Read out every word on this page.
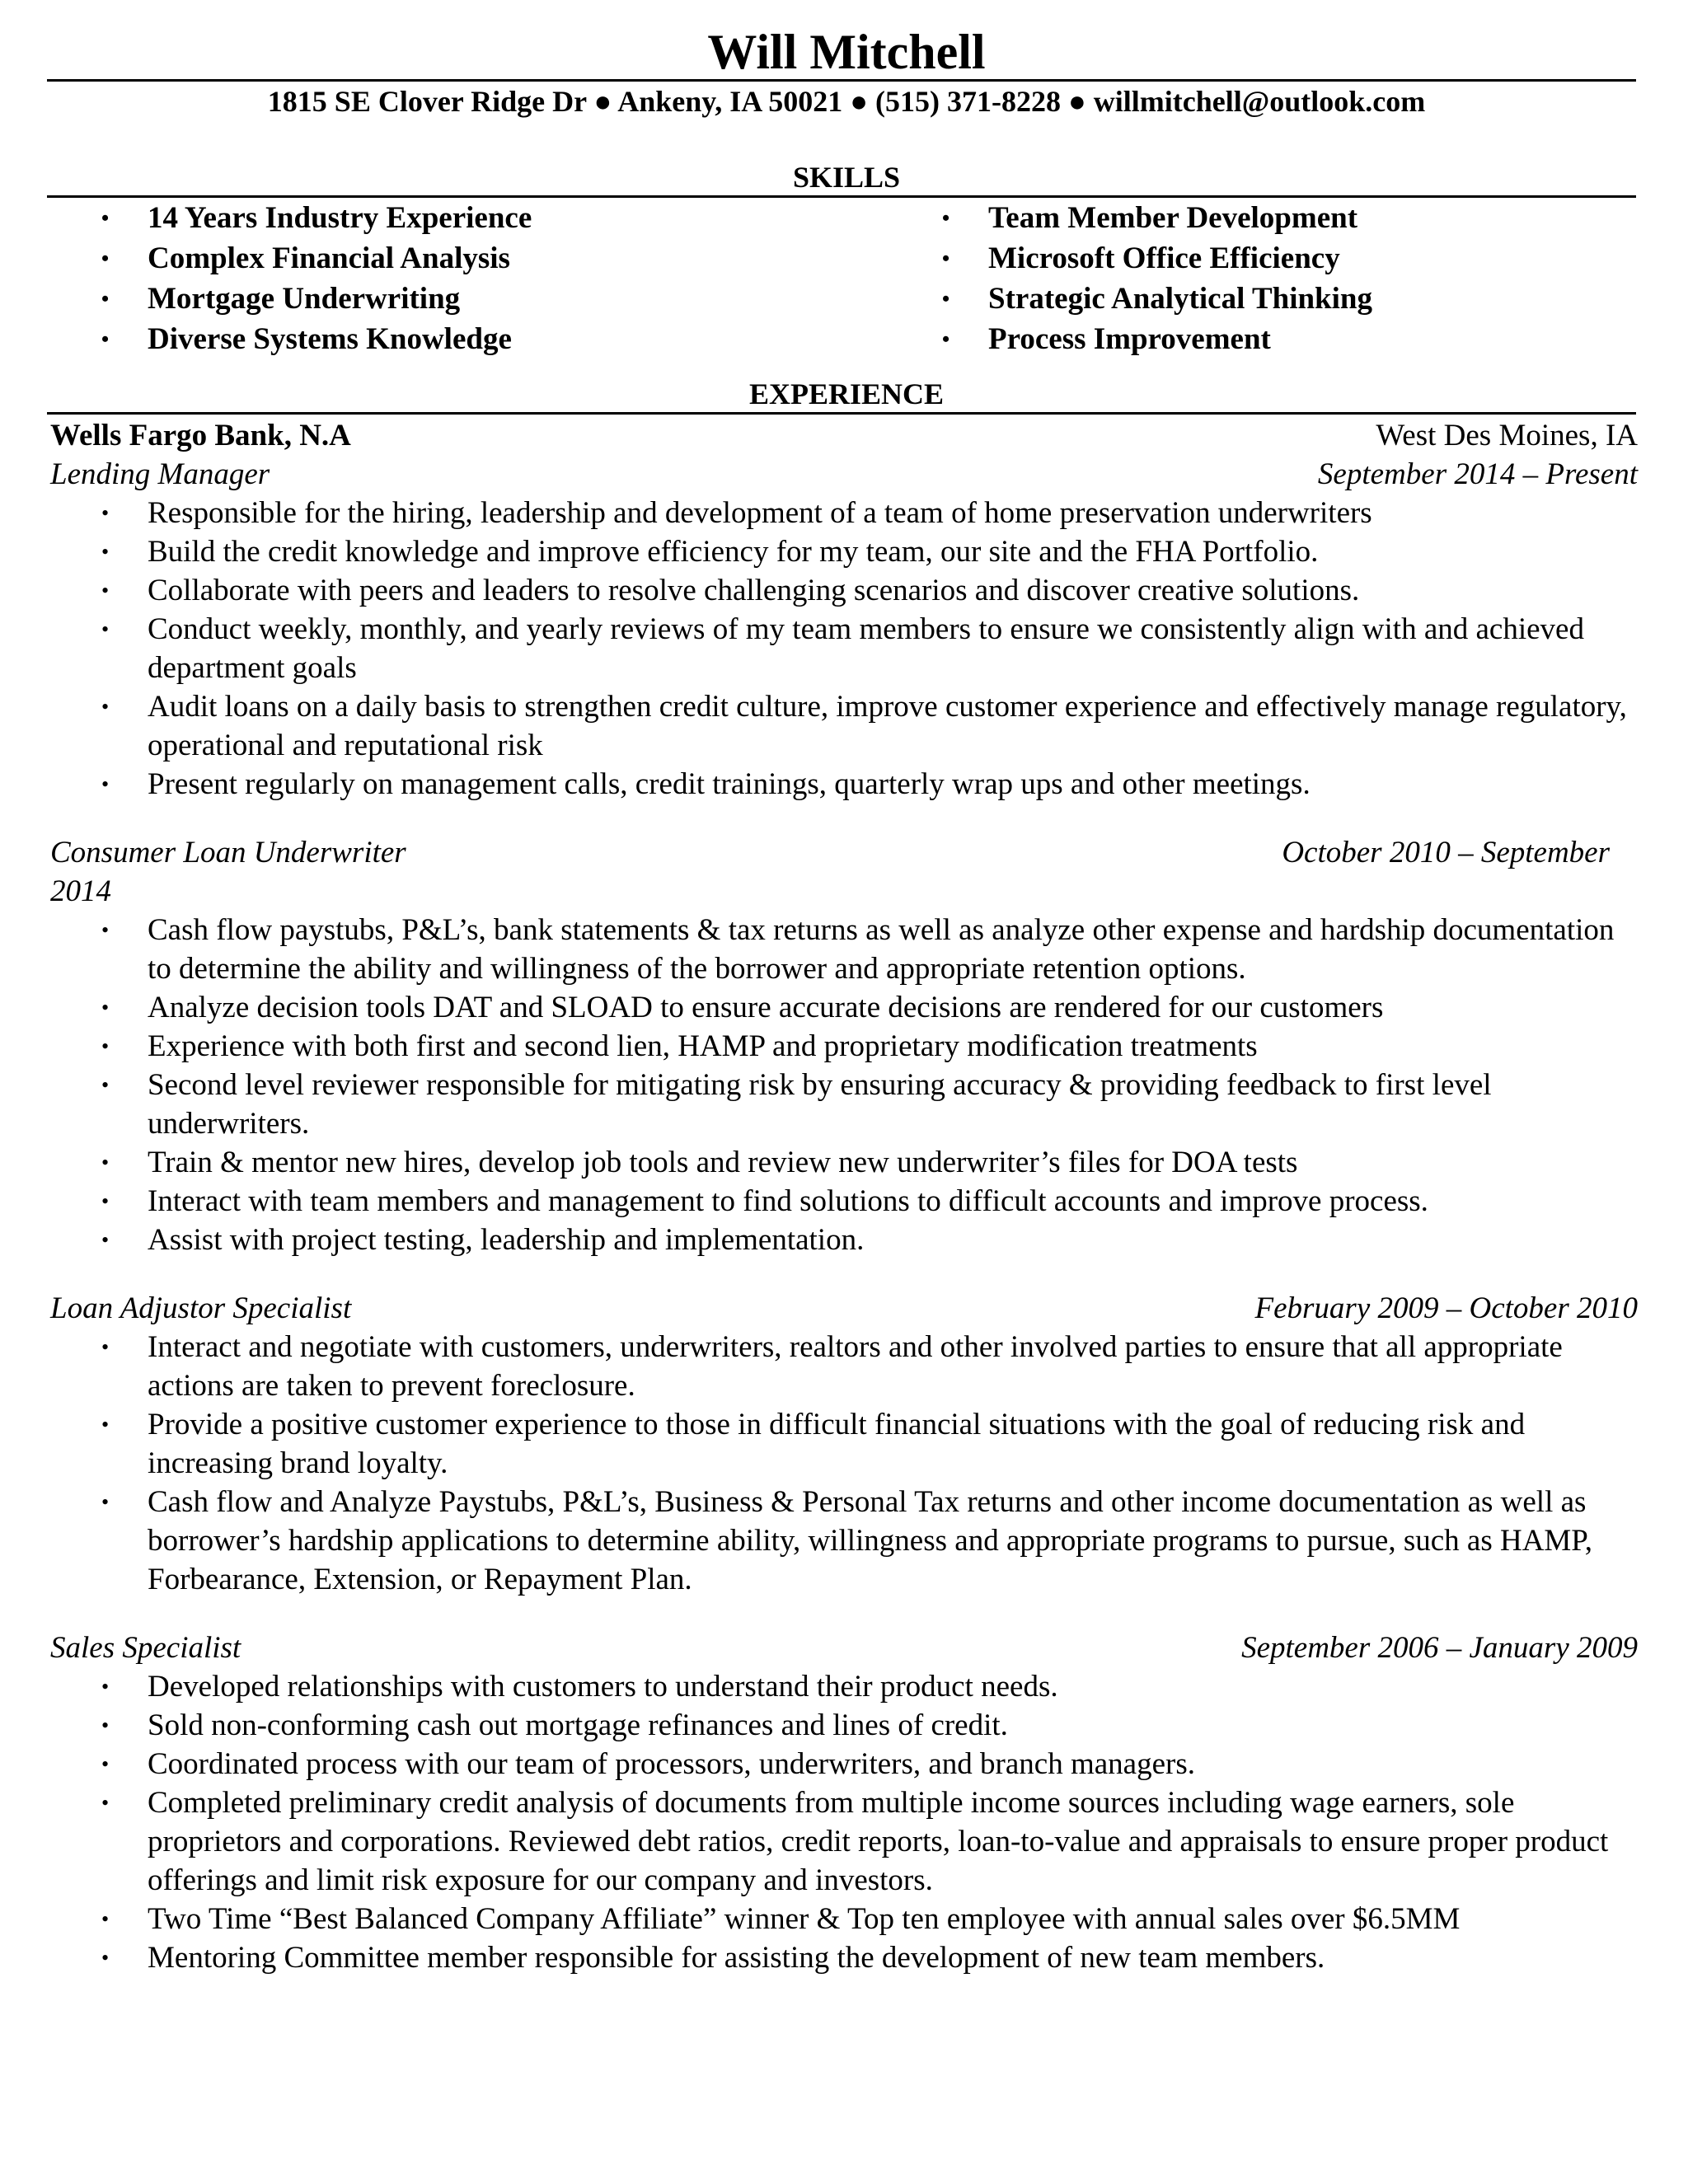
Will Mitchell
1815 SE Clover Ridge Dr ● Ankeny, IA 50021 ● (515) 371-8228 ● willmitchell@outlook.com
SKILLS
• 14 Years Industry Experience
• Complex Financial Analysis
• Mortgage Underwriting
• Diverse Systems Knowledge
• Team Member Development
• Microsoft Office Efficiency
• Strategic Analytical Thinking
• Process Improvement
EXPERIENCE
Wells Fargo Bank, N.A	West Des Moines, IA
Lending Manager	September 2014 – Present
• Responsible for the hiring, leadership and development of a team of home preservation underwriters
• Build the credit knowledge and improve efficiency for my team, our site and the FHA Portfolio.
• Collaborate with peers and leaders to resolve challenging scenarios and discover creative solutions.
• Conduct weekly, monthly, and yearly reviews of my team members to ensure we consistently align with and achieved department goals
• Audit loans on a daily basis to strengthen credit culture, improve customer experience and effectively manage regulatory, operational and reputational risk
• Present regularly on management calls, credit trainings, quarterly wrap ups and other meetings.
Consumer Loan Underwriter	October 2010 – September
2014
• Cash flow paystubs, P&L’s, bank statements & tax returns as well as analyze other expense and hardship documentation to determine the ability and willingness of the borrower and appropriate retention options.
• Analyze decision tools DAT and SLOAD to ensure accurate decisions are rendered for our customers
• Experience with both first and second lien, HAMP and proprietary modification treatments
• Second level reviewer responsible for mitigating risk by ensuring accuracy & providing feedback to first level underwriters.
• Train & mentor new hires, develop job tools and review new underwriter’s files for DOA tests
• Interact with team members and management to find solutions to difficult accounts and improve process.
• Assist with project testing, leadership and implementation.
Loan Adjustor Specialist	February 2009 – October 2010
• Interact and negotiate with customers, underwriters, realtors and other involved parties to ensure that all appropriate actions are taken to prevent foreclosure.
• Provide a positive customer experience to those in difficult financial situations with the goal of reducing risk and increasing brand loyalty.
• Cash flow and Analyze Paystubs, P&L’s, Business & Personal Tax returns and other income documentation as well as borrower’s hardship applications to determine ability, willingness and appropriate programs to pursue, such as HAMP, Forbearance, Extension, or Repayment Plan.
Sales Specialist	September 2006 – January 2009
• Developed relationships with customers to understand their product needs.
• Sold non-conforming cash out mortgage refinances and lines of credit.
• Coordinated process with our team of processors, underwriters, and branch managers.
• Completed preliminary credit analysis of documents from multiple income sources including wage earners, sole proprietors and corporations. Reviewed debt ratios, credit reports, loan-to-value and appraisals to ensure proper product offerings and limit risk exposure for our company and investors.
• Two Time “Best Balanced Company Affiliate” winner & Top ten employee with annual sales over $6.5MM
• Mentoring Committee member responsible for assisting the development of new team members.
